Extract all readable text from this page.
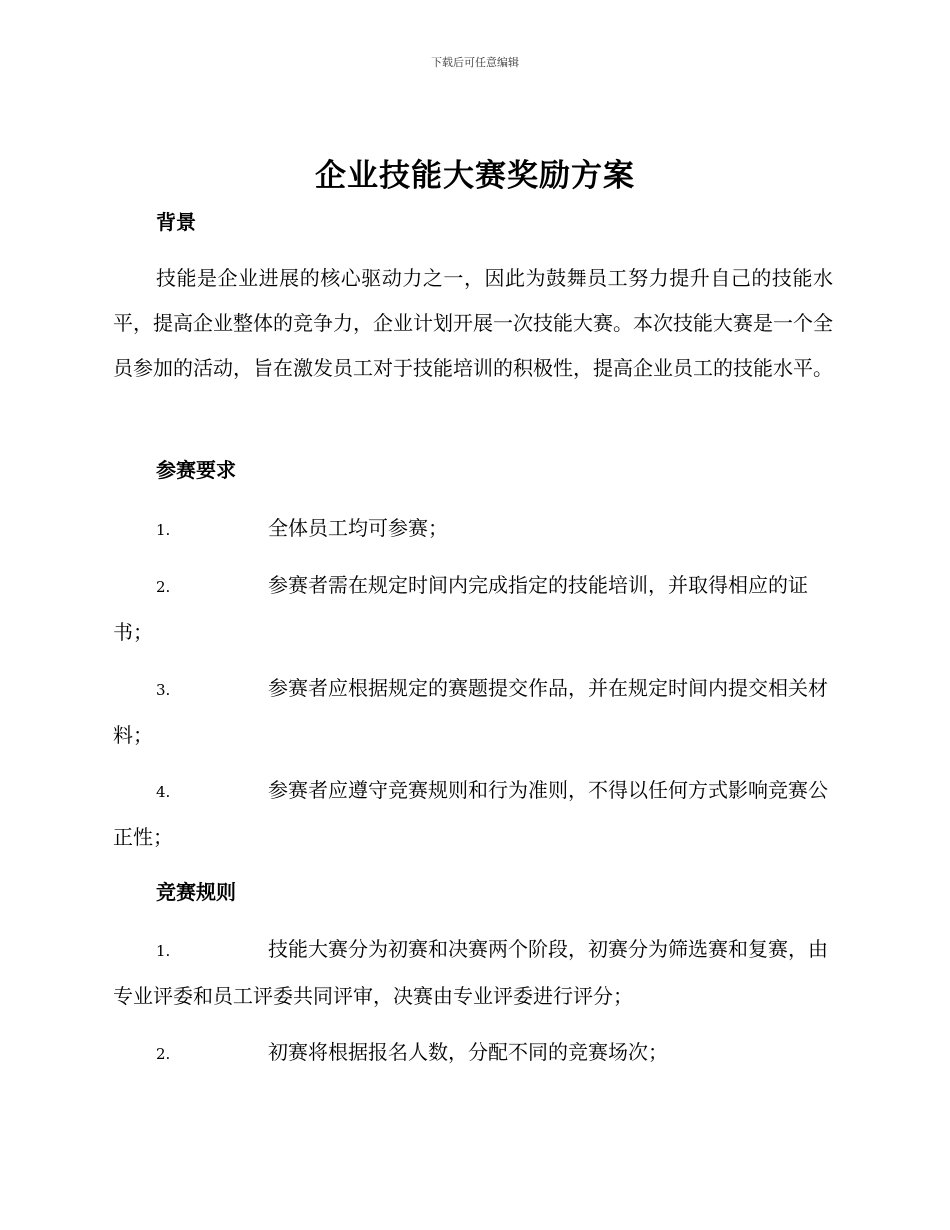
下载后可任意编辑
企业技能大赛奖励方案
背景

技能是企业进展的核心驱动力之一，因此为鼓舞员工努力提升自己的技能水平，提高企业整体的竞争力，企业计划开展一次技能大赛。本次技能大赛是一个全员参加的活动，旨在激发员工对于技能培训的积极性，提高企业员工的技能水平。

参赛要求

1.	全体员工均可参赛；

2.	参赛者需在规定时间内完成指定的技能培训，并取得相应的证书；

3.	参赛者应根据规定的赛题提交作品，并在规定时间内提交相关材料；

4.	参赛者应遵守竞赛规则和行为准则，不得以任何方式影响竞赛公正性；

竞赛规则

1.	技能大赛分为初赛和决赛两个阶段，初赛分为筛选赛和复赛，由专业评委和员工评委共同评审，决赛由专业评委进行评分；

2.	初赛将根据报名人数，分配不同的竞赛场次；
